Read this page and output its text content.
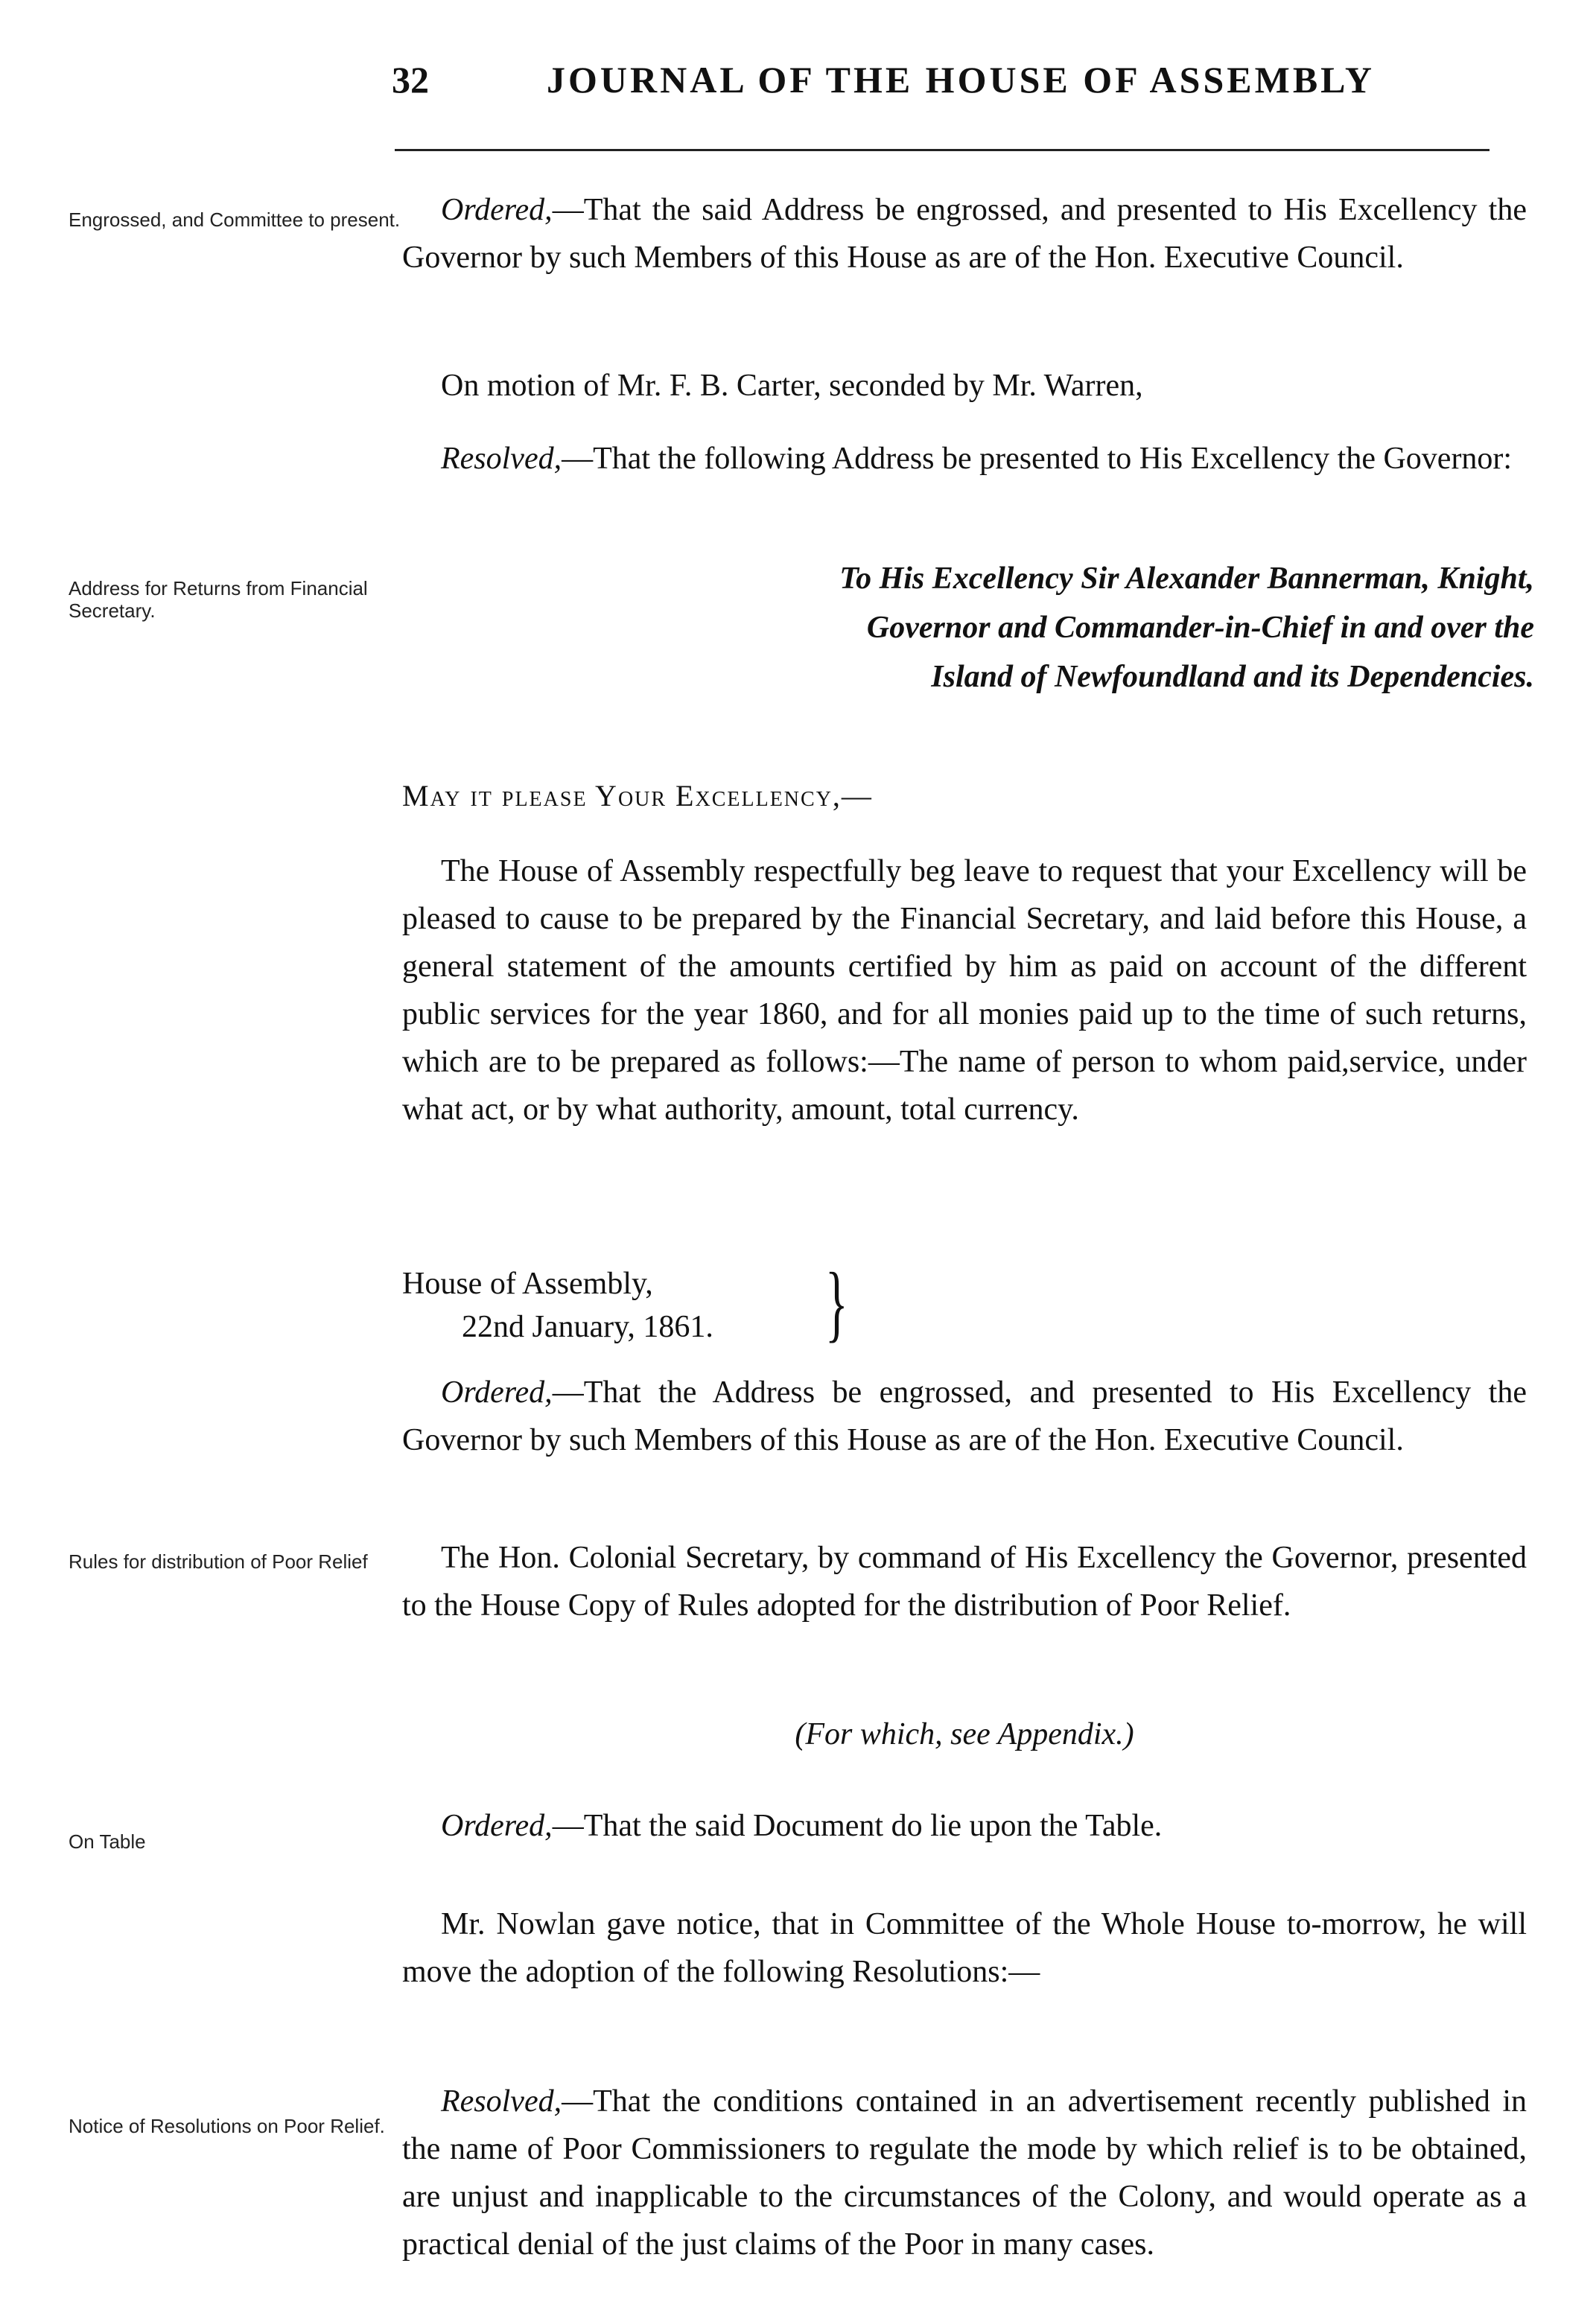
32	JOURNAL OF THE HOUSE OF ASSEMBLY
Engrossed, and Committee to present.
Address for Returns from Financial Secretary.
Rules for distribution of Poor Relief
On Table
Notice of Resolutions on Poor Relief.

Ordered,—That the said Address be engrossed, and presented to His Excellency the Governor by such Members of this House as are of the Hon. Executive Council.

On motion of Mr. F. B. Carter, seconded by Mr. Warren,

Resolved,—That the following Address be presented to His Excellency the Governor:

To His Excellency Sir Alexander Bannerman, Knight, Governor and Commander-in-Chief in and over the Island of Newfoundland and its Dependencies.
May it please Your Excellency,—

The House of Assembly respectfully beg leave to request that your Excellency will be pleased to cause to be prepared by the Financial Secretary, and laid before this House, a general statement of the amounts certified by him as paid on account of the different public services for the year 1860, and for all monies paid up to the time of such returns, which are to be prepared as follows:—The name of person to whom paid,service, under what act, or by what authority, amount, total currency.

House of Assembly,
22nd January, 1861. }

Ordered,—That the Address be engrossed, and presented to His Excellency the Governor by such Members of this House as are of the Hon. Executive Council.

The Hon. Colonial Secretary, by command of His Excellency the Governor, presented to the House Copy of Rules adopted for the distribution of Poor Relief.

(For which, see Appendix.)

Ordered,—That the said Document do lie upon the Table.

Mr. Nowlan gave notice, that in Committee of the Whole House to-morrow, he will move the adoption of the following Resolutions:—

Resolved,—That the conditions contained in an advertisement recently published in the name of Poor Commissioners to regulate the mode by which relief is to be obtained, are unjust and inapplicable to the circumstances of the Colony, and would operate as a practical denial of the just claims of the Poor in many cases.
